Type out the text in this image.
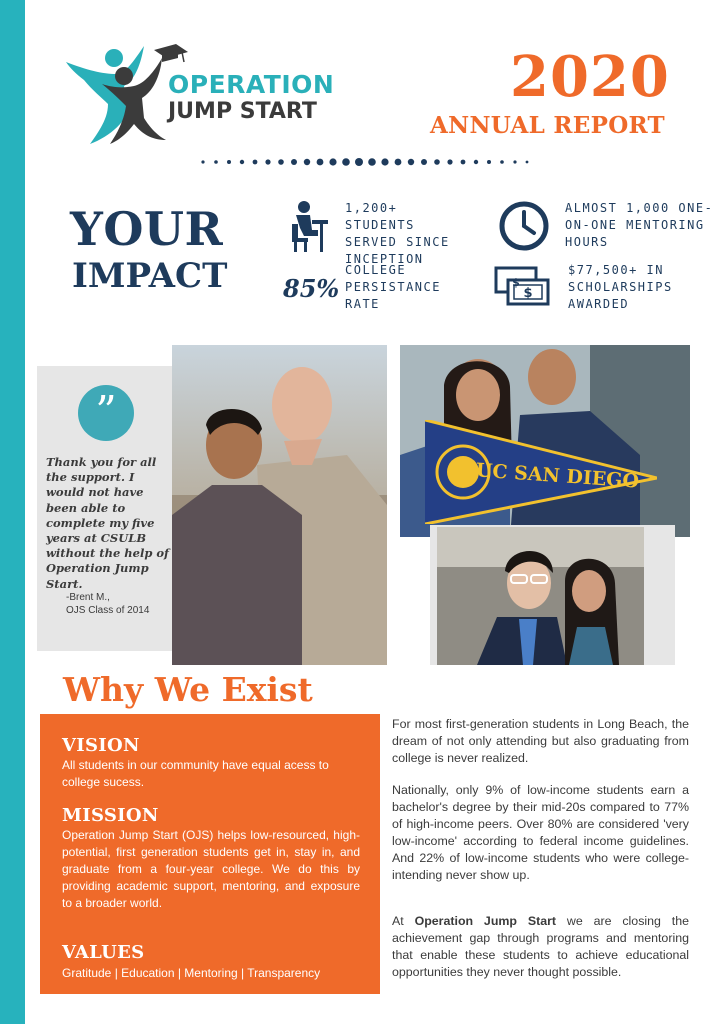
OPERATION
JUMP START
2020
ANNUAL REPORT
YOUR
IMPACT	$
$
1,200+ STUDENTS SERVED SINCE INCEPTION
85%
COLLEGE PERSISTANCE RATE
ALMOST 1,000 ONE-ON-ONE MENTORING HOURS
$77,500+ IN SCHOLARSHIPS AWARDED
”
Thank you for all the support. I would not have been able to complete my five years at CSULB without the help of Operation Jump Start.
-Brent M.,
OJS Class of 2014
UC SAN DIEGO
Why We Exist
VISION
All students in our community have equal acess to college sucess.
MISSION
Operation Jump Start (OJS) helps low-resourced, high-potential, first generation students get in, stay in, and graduate from a four-year college. We do this by providing academic support, mentoring, and exposure to a broader world.
VALUES
Gratitude | Education | Mentoring | Transparency
For most first-generation students in Long Beach, the dream of not only attending but also graduating from college is never realized.
Nationally, only 9% of low-income students earn a bachelor's degree by their mid-20s compared to 77% of high-income peers. Over 80% are considered 'very low-income' according to federal income guidelines. And 22% of low-income students who were college-intending never show up.
At Operation Jump Start we are closing the achievement gap through programs and mentoring that enable these students to achieve educational opportunities they never thought possible.
